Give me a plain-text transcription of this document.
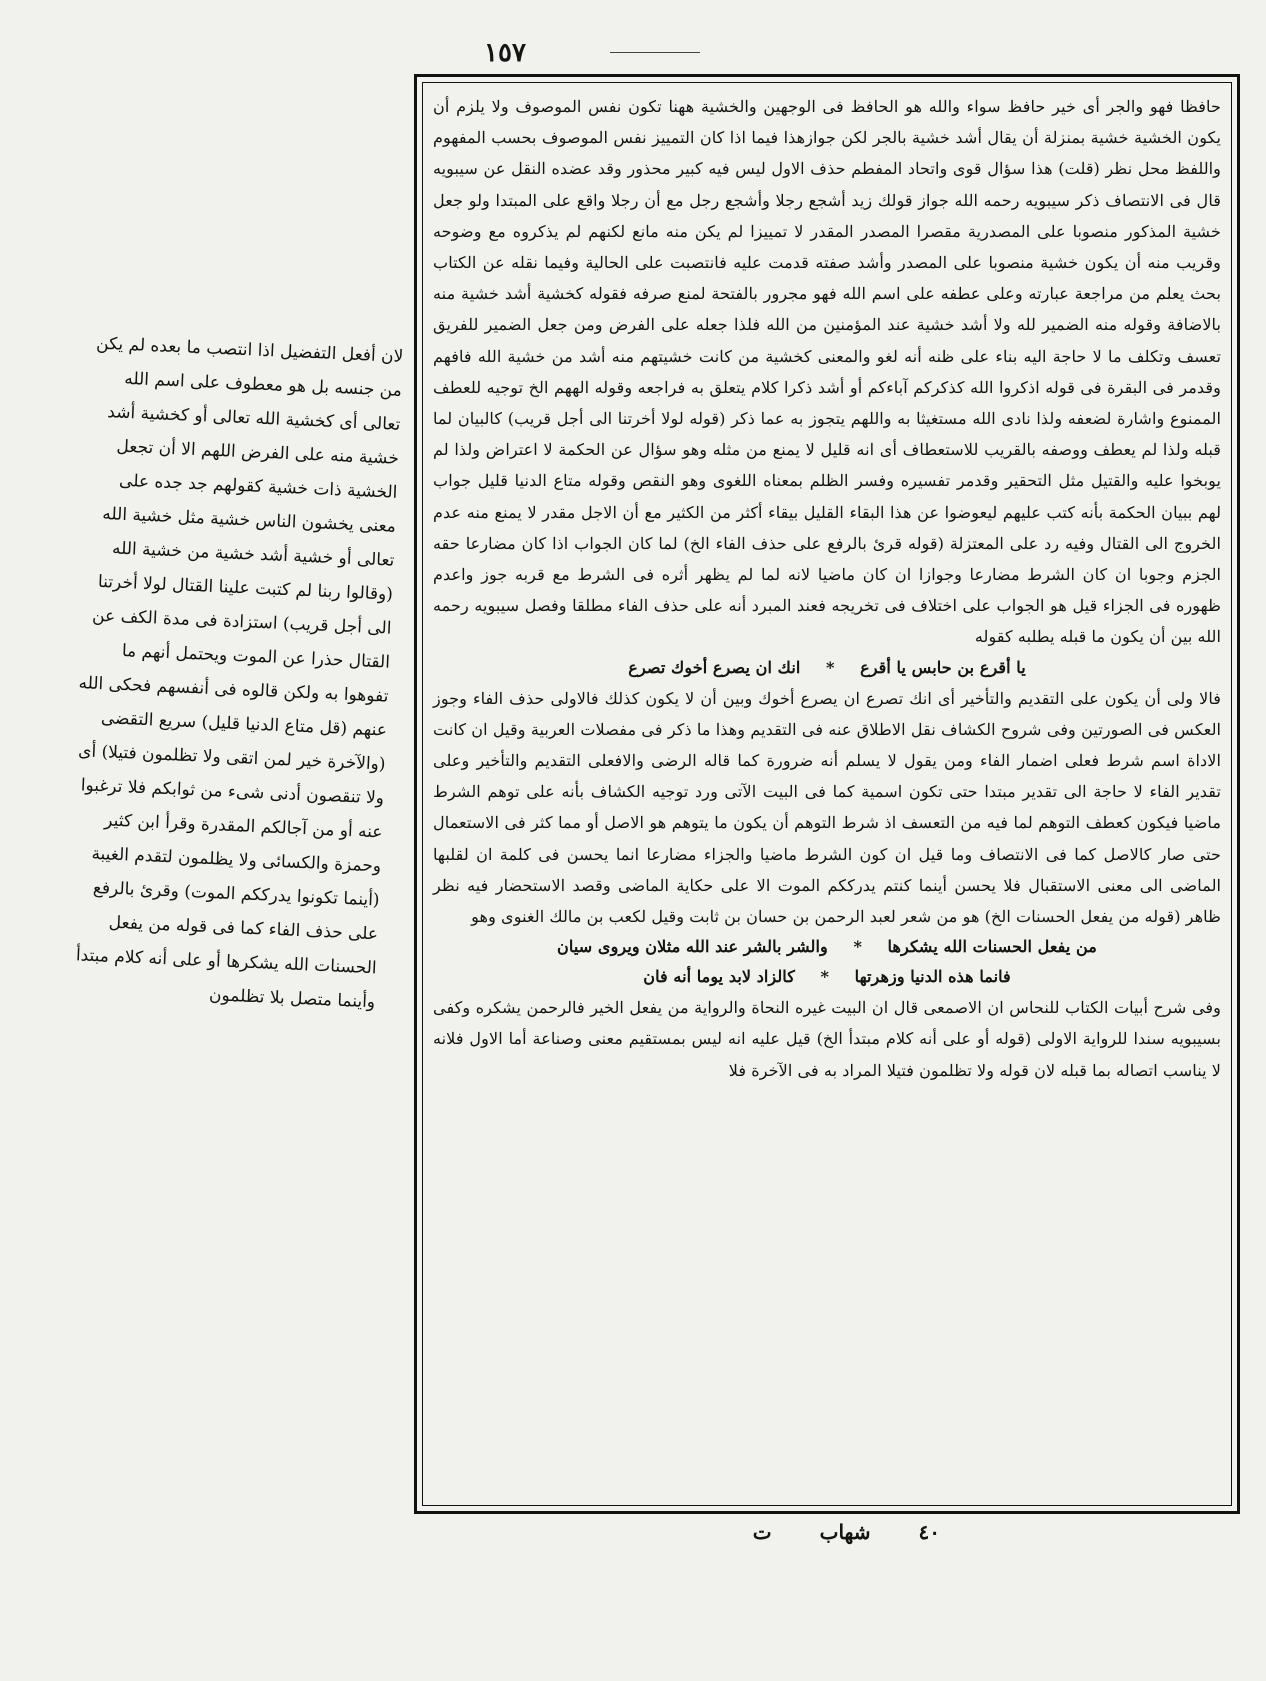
١٥٧

لان أفعل التفضيل اذا انتصب ما بعده لم يكن من جنسه بل هو معطوف على اسم الله تعالى أى كخشية الله تعالى أو كخشية أشد خشية منه على الفرض اللهم الا أن تجعل الخشية ذات خشية كقولهم جد جده على معنى يخشون الناس خشية مثل خشية الله تعالى أو خشية أشد خشية من خشية الله (وقالوا ربنا لم كتبت علينا القتال لولا أخرتنا الى أجل قريب) استزادة فى مدة الكف عن القتال حذرا عن الموت ويحتمل أنهم ما تفوهوا به ولكن قالوه فى أنفسهم فحكى الله عنهم (قل متاع الدنيا قليل) سريع التقضى (والآخرة خير لمن اتقى ولا تظلمون فتيلا) أى ولا تنقصون أدنى شىء من ثوابكم فلا ترغبوا عنه أو من آجالكم المقدرة وقرأ ابن كثير وحمزة والكسائى ولا يظلمون لتقدم الغيبة (أينما تكونوا يدرككم الموت) وقرئ بالرفع على حذف الفاء كما فى قوله من يفعل الحسنات الله يشكرها أو على أنه كلام مبتدأ وأينما متصل بلا تظلمون

حافظا فهو والجر أى خير حافظ سواء والله هو الحافظ فى الوجهين والخشية ههنا تكون نفس الموصوف ولا يلزم أن يكون الخشية خشية بمنزلة أن يقال أشد خشية بالجر لكن جوازهذا فيما اذا كان التمييز نفس الموصوف بحسب المفهوم واللفظ محل نظر (قلت) هذا سؤال قوى واتحاد المفطم حذف الاول ليس فيه كبير محذور وقد عضده النقل عن سيبويه قال فى الانتصاف ذكر سيبويه رحمه الله جواز قولك زيد أشجع رجلا وأشجع رجل مع أن رجلا واقع على المبتدا ولو جعل خشية المذكور منصوبا على المصدرية مقصرا المصدر المقدر لا تمييزا لم يكن منه مانع لكنهم لم يذكروه مع وضوحه وقريب منه أن يكون خشية منصوبا على المصدر وأشد صفته قدمت عليه فانتصبت على الحالية وفيما نقله عن الكتاب بحث يعلم من مراجعة عبارته وعلى عطفه على اسم الله فهو مجرور بالفتحة لمنع صرفه فقوله كخشية أشد خشية منه بالاضافة وقوله منه الضمير لله ولا أشد خشية عند المؤمنين من الله فلذا جعله على الفرض ومن جعل الضمير للفريق تعسف وتكلف ما لا حاجة اليه بناء على ظنه أنه لغو والمعنى كخشية من كانت خشيتهم منه أشد من خشية الله فافهم وقدمر فى البقرة فى قوله اذكروا الله كذكركم آباءكم أو أشد ذكرا كلام يتعلق به فراجعه وقوله الههم الخ توجيه للعطف الممنوع واشارة لضعفه ولذا نادى الله مستغيثا به واللهم يتجوز به عما ذكر (قوله لولا أخرتنا الى أجل قريب) كالبيان لما قبله ولذا لم يعطف ووصفه بالقريب للاستعطاف أى انه قليل لا يمنع من مثله وهو سؤال عن الحكمة لا اعتراض ولذا لم يوبخوا عليه والقتيل مثل التحقير وقدمر تفسيره وفسر الظلم بمعناه اللغوى وهو النقص وقوله متاع الدنيا قليل جواب لهم ببيان الحكمة بأنه كتب عليهم ليعوضوا عن هذا البقاء القليل بيقاء أكثر من الكثير مع أن الاجل مقدر لا يمنع منه عدم الخروج الى القتال وفيه رد على المعتزلة (قوله قرئ بالرفع على حذف الفاء الخ) لما كان الجواب اذا كان مضارعا حقه الجزم وجوبا ان كان الشرط مضارعا وجوازا ان كان ماضيا لانه لما لم يظهر أثره فى الشرط مع قربه جوز واعدم ظهوره فى الجزاء قيل هو الجواب على اختلاف فى تخريجه فعند المبرد أنه على حذف الفاء مطلقا وفصل سيبويه رحمه الله بين أن يكون ما قبله يطلبه كقوله

يا أقرع بن حابس يا أقرع * انك ان يصرع أخوك تصرع

فالا ولى أن يكون على التقديم والتأخير أى انك تصرع ان يصرع أخوك وبين أن لا يكون كذلك فالاولى حذف الفاء وجوز العكس فى الصورتين وفى شروح الكشاف نقل الاطلاق عنه فى التقديم وهذا ما ذكر فى مفصلات العربية وقيل ان كانت الاداة اسم شرط فعلى اضمار الفاء ومن يقول لا يسلم أنه ضرورة كما قاله الرضى والافعلى التقديم والتأخير وعلى تقدير الفاء لا حاجة الى تقدير مبتدا حتى تكون اسمية كما فى البيت الآتى ورد توجيه الكشاف بأنه على توهم الشرط ماضيا فيكون كعطف التوهم لما فيه من التعسف اذ شرط التوهم أن يكون ما يتوهم هو الاصل أو مما كثر فى الاستعمال حتى صار كالاصل كما فى الانتصاف وما قيل ان كون الشرط ماضيا والجزاء مضارعا انما يحسن فى كلمة ان لقلبها الماضى الى معنى الاستقبال فلا يحسن أينما كنتم يدرككم الموت الا على حكاية الماضى وقصد الاستحضار فيه نظر ظاهر (قوله من يفعل الحسنات الخ) هو من شعر لعبد الرحمن بن حسان بن ثابت وقيل لكعب بن مالك الغنوى وهو

من يفعل الحسنات الله يشكرها * والشر بالشر عند الله مثلان ويروى سيان

فانما هذه الدنيا وزهرتها * كالزاد لابد يوما أنه فان

وفى شرح أبيات الكتاب للنحاس ان الاصمعى قال ان البيت غيره النحاة والرواية من يفعل الخير فالرحمن يشكره وكفى بسيبويه سندا للرواية الاولى (قوله أو على أنه كلام مبتدأ الخ) قيل عليه انه ليس بمستقيم معنى وصناعة أما الاول فلانه لا يناسب اتصاله بما قبله لان قوله ولا تظلمون فتيلا المراد به فى الآخرة فلا

٤٠
شهاب
ت
